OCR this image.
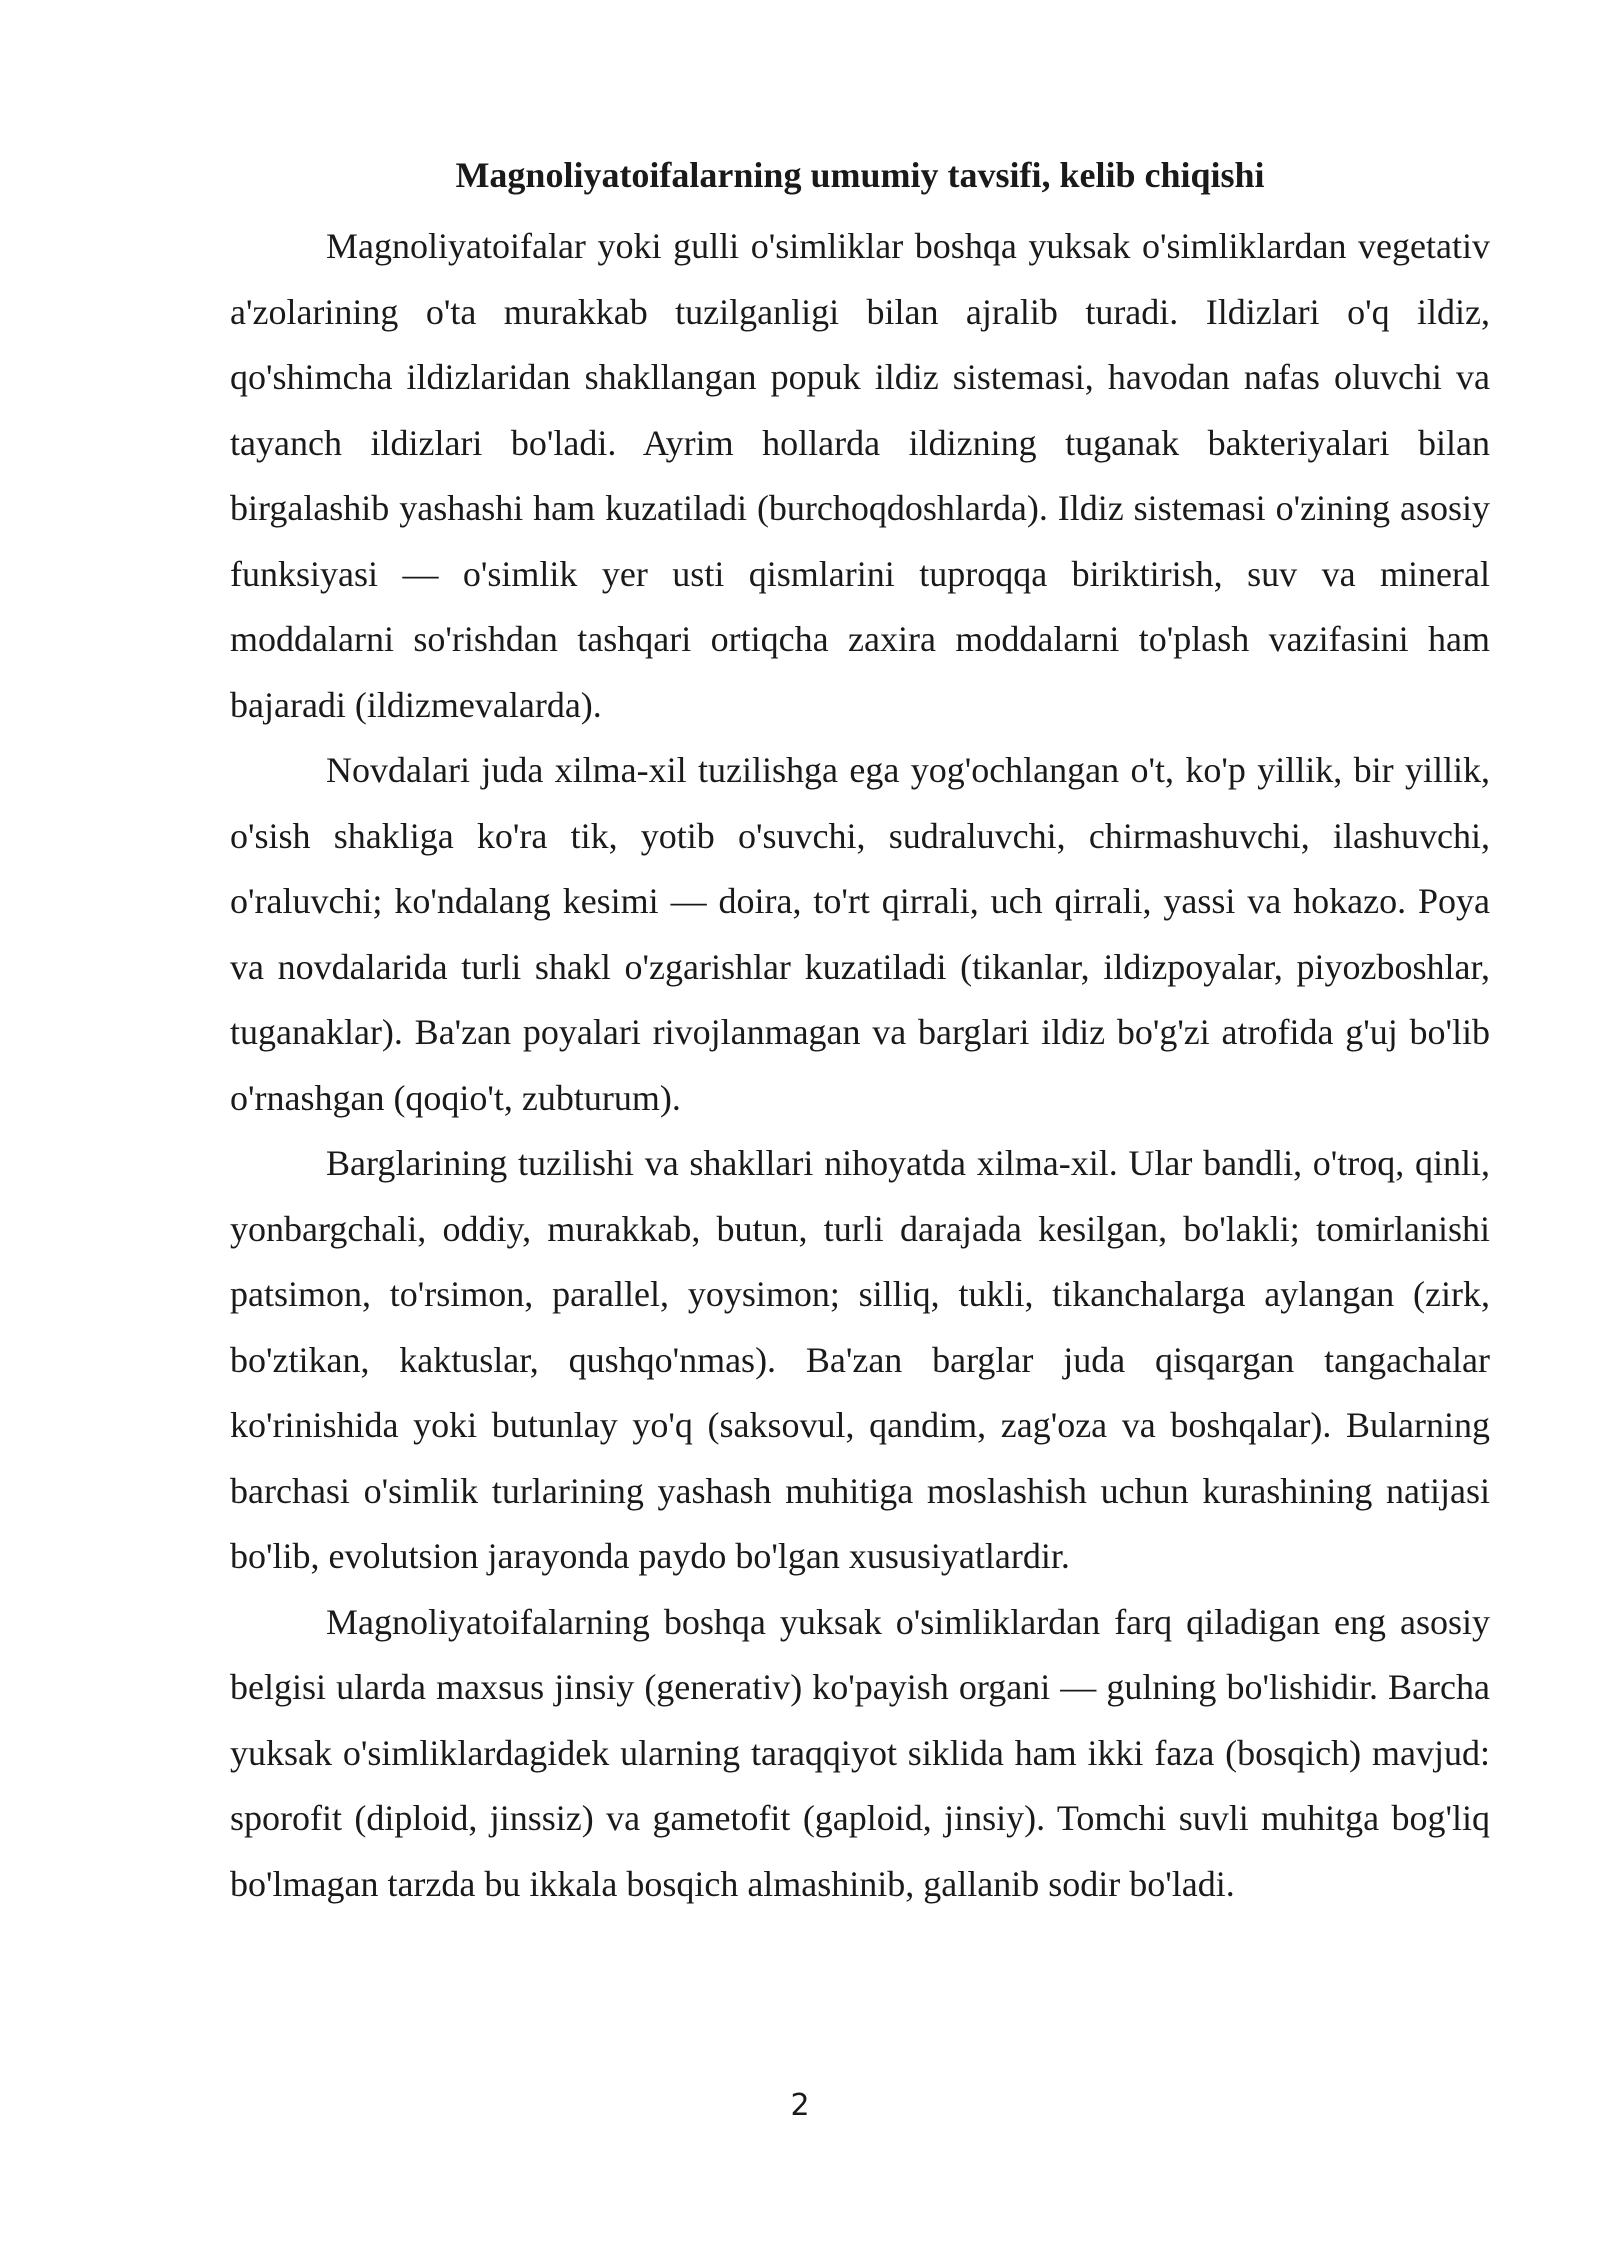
Magnoliyatoifalarning umumiy tavsifi, kelib chiqishi

Magnoliyatoifalar yoki gulli o'simliklar boshqa yuksak o'simliklardan vegetativ a'zolarining o'ta murakkab tuzilganligi bilan ajralib turadi. Ildizlari o'q ildiz, qo'shimcha ildizlaridan shakllangan popuk ildiz sistemasi, havodan nafas oluvchi va tayanch ildizlari bo'ladi. Ayrim hollarda ildizning tuganak bakteriyalari bilan birgalashib yashashi ham kuzatiladi (burchoqdoshlarda). Ildiz sistemasi o'zining asosiy funksiyasi — o'simlik yer usti qismlarini tuproqqa biriktirish, suv va mineral moddalarni so'rishdan tashqari ortiqcha zaxira moddalarni to'plash vazifasini ham bajaradi (ildizmevalarda).

Novdalari juda xilma-xil tuzilishga ega yog'ochlangan o't, ko'p yillik, bir yillik, o'sish shakliga ko'ra tik, yotib o'suvchi, sudraluvchi, chirmashuvchi, ilashuvchi, o'raluvchi; ko'ndalang kesimi — doira, to'rt qirrali, uch qirrali, yassi va hokazo. Poya va novdalarida turli shakl o'zgarishlar kuzatiladi (tikanlar, ildizpoyalar, piyozboshlar, tuganaklar). Ba'zan poyalari rivojlanmagan va barglari ildiz bo'g'zi atrofida g'uj bo'lib o'rnashgan (qoqio't, zubturum).

Barglarining tuzilishi va shakllari nihoyatda xilma-xil. Ular bandli, o'troq, qinli, yonbargchali, oddiy, murakkab, butun, turli darajada kesilgan, bo'lakli; tomirlanishi patsimon, to'rsimon, parallel, yoysimon; silliq, tukli, tikanchalarga aylangan (zirk, bo'ztikan, kaktuslar, qushqo'nmas). Ba'zan barglar juda qisqargan tangachalar ko'rinishida yoki butunlay yo'q (saksovul, qandim, zag'oza va boshqalar). Bularning barchasi o'simlik turlarining yashash muhitiga moslashish uchun kurashining natijasi bo'lib, evolutsion jarayonda paydo bo'lgan xususiyatlardir.

Magnoliyatoifalarning boshqa yuksak o'simliklardan farq qiladigan eng asosiy belgisi ularda maxsus jinsiy (generativ) ko'payish organi — gulning bo'lishidir. Barcha yuksak o'simliklardagidek ularning taraqqiyot siklida ham ikki faza (bosqich) mavjud: sporofit (diploid, jinssiz) va gametofit (gaploid, jinsiy). Tomchi suvli muhitga bog'liq bo'lmagan tarzda bu ikkala bosqich almashinib, gallanib sodir bo'ladi.

2
